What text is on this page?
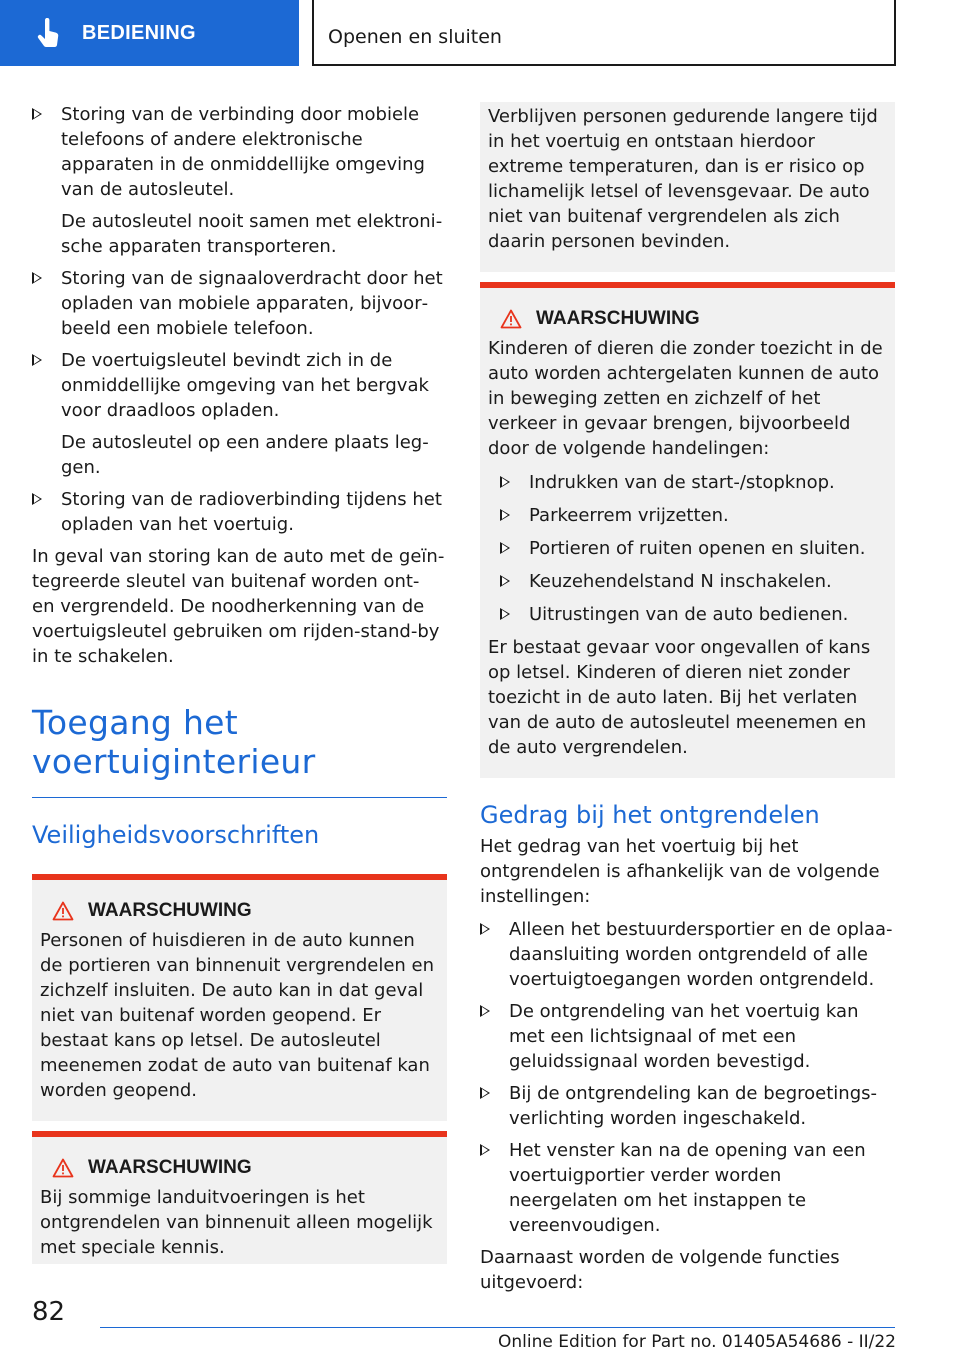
BEDIENING	Openen en sluiten

Storing van de verbinding door mobiele telefoons of andere elektronische apparaten in de onmiddellijke omgeving van de autosleutel.

De autosleutel nooit samen met elektronische apparaten transporteren.

Storing van de signaaloverdracht door het opladen van mobiele apparaten, bijvoorbeeld een mobiele telefoon.

De voertuigsleutel bevindt zich in de onmiddellijke omgeving van het bergvak voor draadloos opladen.

De autosleutel op een andere plaats leggen.

Storing van de radioverbinding tijdens het opladen van het voertuig.

In geval van storing kan de auto met de geïntegreerde sleutel van buitenaf worden ont- en vergrendeld. De noodherkenning van de voertuigsleutel gebruiken om rijden-stand-by in te schakelen.

Toegang het voertuiginterieur
Veiligheidsvoorschriften
WAARSCHUWING

Personen of huisdieren in de auto kunnen de portieren van binnenuit vergrendelen en zichzelf insluiten. De auto kan in dat geval niet van buitenaf worden geopend. Er bestaat kans op letsel. De autosleutel meenemen zodat de auto van buitenaf kan worden geopend.

WAARSCHUWING

Bij sommige landuitvoeringen is het ontgrendelen van binnenuit alleen mogelijk met speciale kennis.

Verblijven personen gedurende langere tijd in het voertuig en ontstaan hierdoor extreme temperaturen, dan is er risico op lichamelijk letsel of levensgevaar. De auto niet van buitenaf vergrendelen als zich daarin personen bevinden.

WAARSCHUWING

Kinderen of dieren die zonder toezicht in de auto worden achtergelaten kunnen de auto in beweging zetten en zichzelf of het verkeer in gevaar brengen, bijvoorbeeld door de volgende handelingen:

Indrukken van de start-/stopknop.
Parkeerrem vrijzetten.
Portieren of ruiten openen en sluiten.
Keuzehendelstand N inschakelen.
Uitrustingen van de auto bedienen.

Er bestaat gevaar voor ongevallen of kans op letsel. Kinderen of dieren niet zonder toezicht in de auto laten. Bij het verlaten van de auto de autosleutel meenemen en de auto vergrendelen.

Gedrag bij het ontgrendelen

Het gedrag van het voertuig bij het ontgrendelen is afhankelijk van de volgende instellingen:

Alleen het bestuurdersportier en de oplaadaansluiting worden ontgrendeld of alle voertuigtoegangen worden ontgrendeld.
De ontgrendeling van het voertuig kan met een lichtsignaal of met een geluidssignaal worden bevestigd.
Bij de ontgrendeling kan de begroetingsverlichting worden ingeschakeld.
Het venster kan na de opening van een voertuigportier verder worden neergelaten om het instappen te vereenvoudigen.

Daarnaast worden de volgende functies uitgevoerd:

82
Online Edition for Part no. 01405A54686 - II/22
